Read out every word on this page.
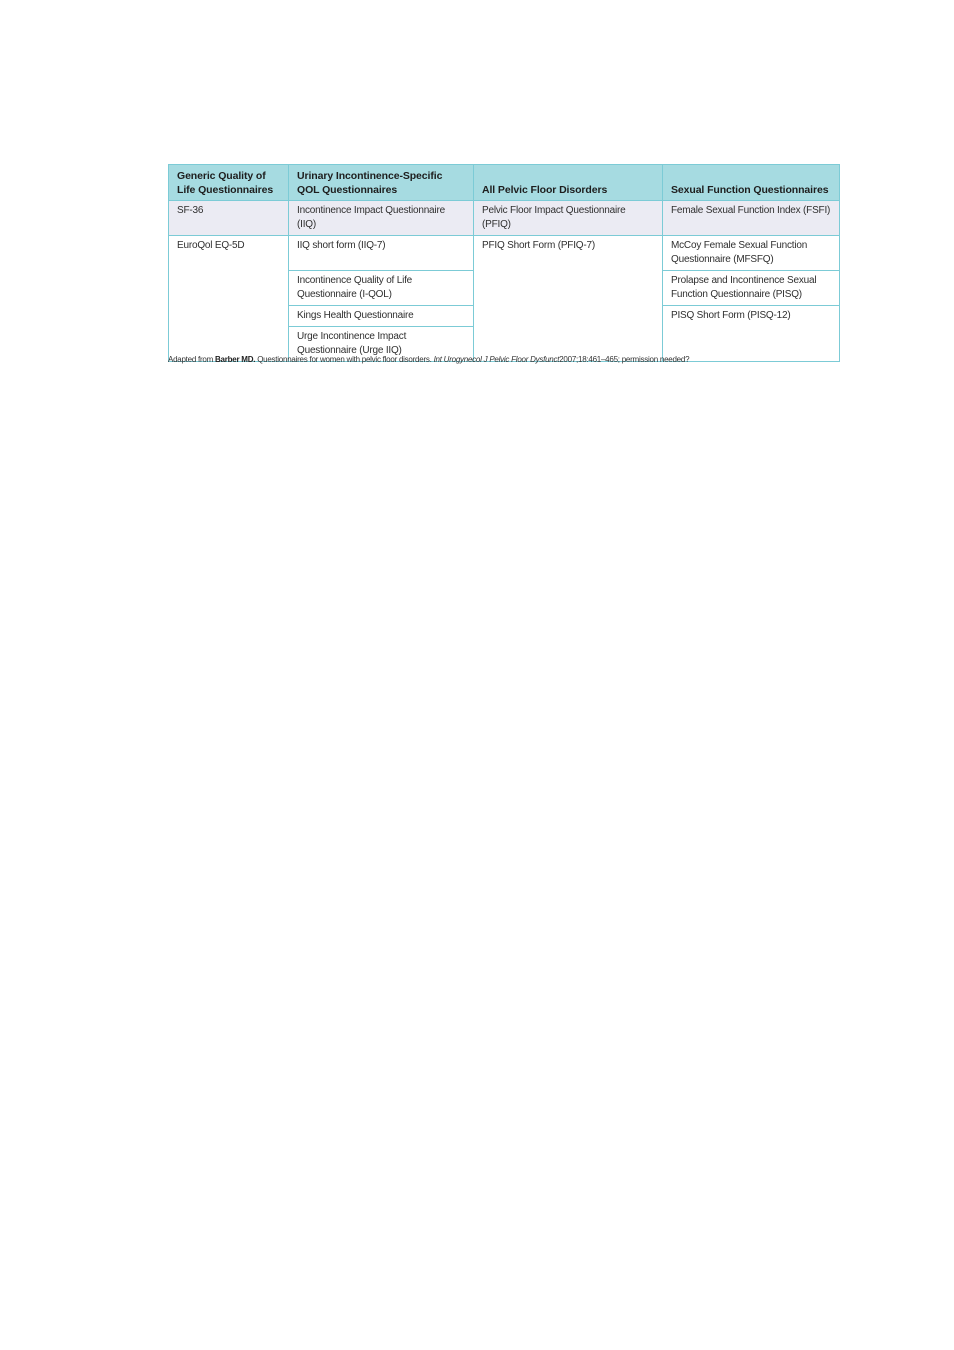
Generic Quality of Life Questionnaires	Urinary Incontinence-Specific QOL Questionnaires	All Pelvic Floor Disorders	Sexual Function Questionnaires
SF-36	Incontinence Impact Questionnaire (IIQ)	Pelvic Floor Impact Questionnaire (PFIQ)	Female Sexual Function Index (FSFI)
EuroQol EQ-5D	IIQ short form (IIQ-7)	PFIQ Short Form (PFIQ-7)	McCoy Female Sexual Function Questionnaire (MFSFQ)
	Incontinence Quality of Life Questionnaire (I-QOL)		Prolapse and Incontinence Sexual Function Questionnaire (PISQ)
	Kings Health Questionnaire		PISQ Short Form (PISQ-12)
	Urge Incontinence Impact Questionnaire (Urge IIQ)		
Adapted from Barber MD. Questionnaires for women with pelvic floor disorders. Int Urogynecol J Pelvic Floor Dysfunct2007;18:461–465; permission needed?
